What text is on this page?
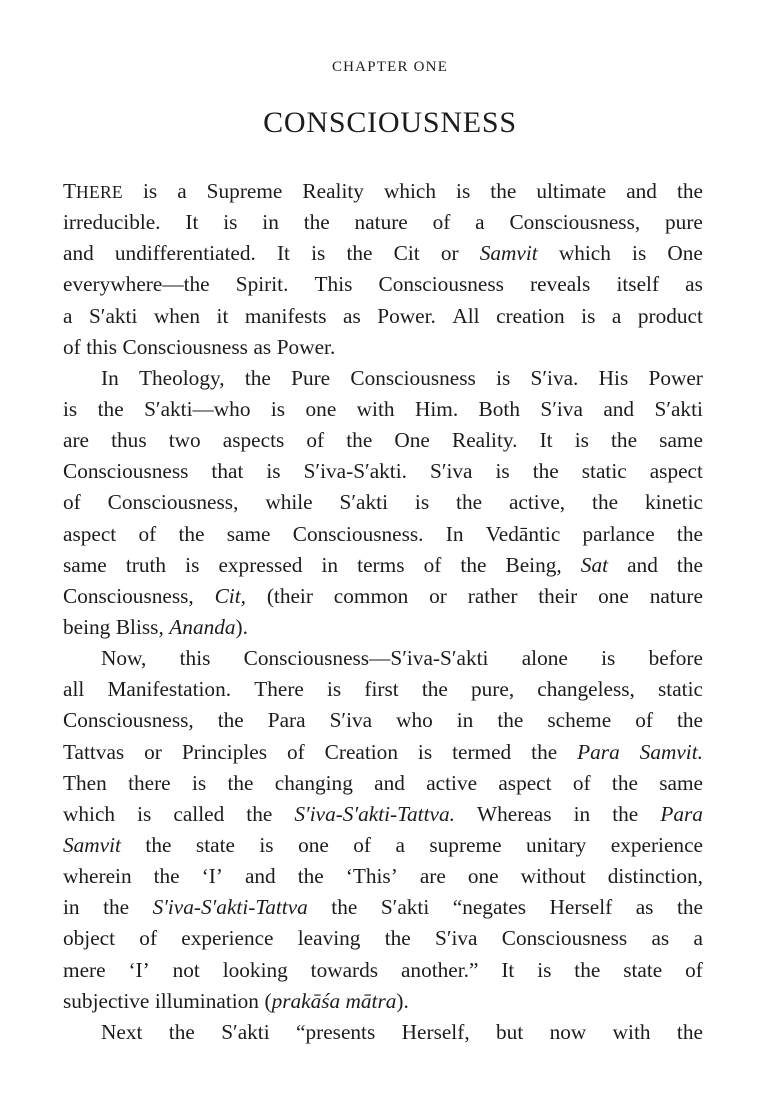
CHAPTER ONE
CONSCIOUSNESS
THERE is a Supreme Reality which is the ultimate and the
irreducible. It is in the nature of a Consciousness, pure
and undifferentiated. It is the Cit or Samvit which is One
everywhere—the Spirit. This Consciousness reveals itself as
a S′akti when it manifests as Power. All creation is a product
of this Consciousness as Power.
In Theology, the Pure Consciousness is S′iva. His Power
is the S′akti—who is one with Him. Both S′iva and S′akti
are thus two aspects of the One Reality. It is the same
Consciousness that is S′iva-S′akti. S′iva is the static aspect
of Consciousness, while S′akti is the active, the kinetic
aspect of the same Consciousness. In Vedāntic parlance the
same truth is expressed in terms of the Being, Sat and the
Consciousness, Cit, (their common or rather their one nature
being Bliss, Ananda).
Now, this Consciousness—S′iva-S′akti alone is before
all Manifestation. There is first the pure, changeless, static
Consciousness, the Para S′iva who in the scheme of the
Tattvas or Principles of Creation is termed the Para Samvit.
Then there is the changing and active aspect of the same
which is called the S′iva-S′akti-Tattva. Whereas in the Para
Samvit the state is one of a supreme unitary experience
wherein the ‘I’ and the ‘This’ are one without distinction,
in the S′iva-S′akti-Tattva the S′akti “negates Herself as the
object of experience leaving the S′iva Consciousness as a
mere ‘I’ not looking towards another.” It is the state of
subjective illumination (prakāśa mātra).
Next the S′akti “presents Herself, but now with the
